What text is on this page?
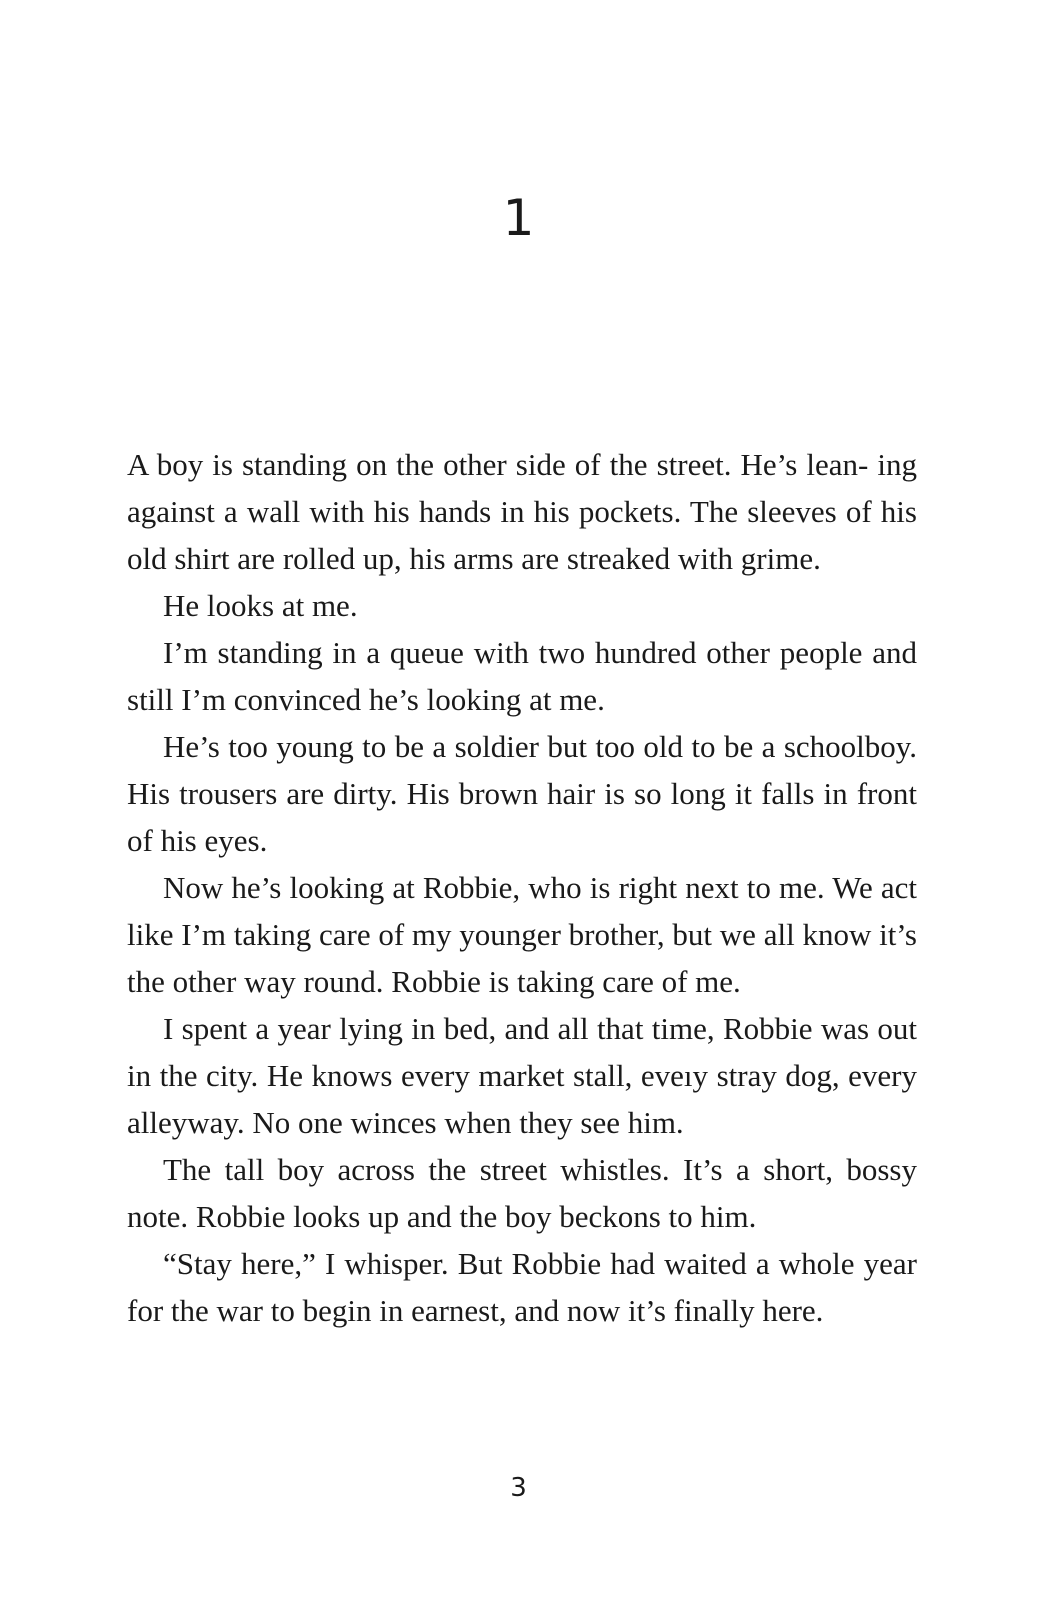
1

A boy is standing on the other side of the street. He’s lean- ing against a wall with his hands in his pockets. The sleeves of his old shirt are rolled up, his arms are streaked with grime.

He looks at me.

I’m standing in a queue with two hundred other people and still I’m convinced he’s looking at me.

He’s too young to be a soldier but too old to be a schoolboy. His trousers are dirty. His brown hair is so long it falls in front of his eyes.

Now he’s looking at Robbie, who is right next to me. We act like I’m taking care of my younger brother, but we all know it’s the other way round. Robbie is taking care of me.

I spent a year lying in bed, and all that time, Robbie was out in the city. He knows every market stall, eveıy stray dog, every alleyway. No one winces when they see him.

The tall boy across the street whistles. It’s a short, bossy note. Robbie looks up and the boy beckons to him.

“Stay here,” I whisper. But Robbie had waited a whole year for the war to begin in earnest, and now it’s finally here.

3
